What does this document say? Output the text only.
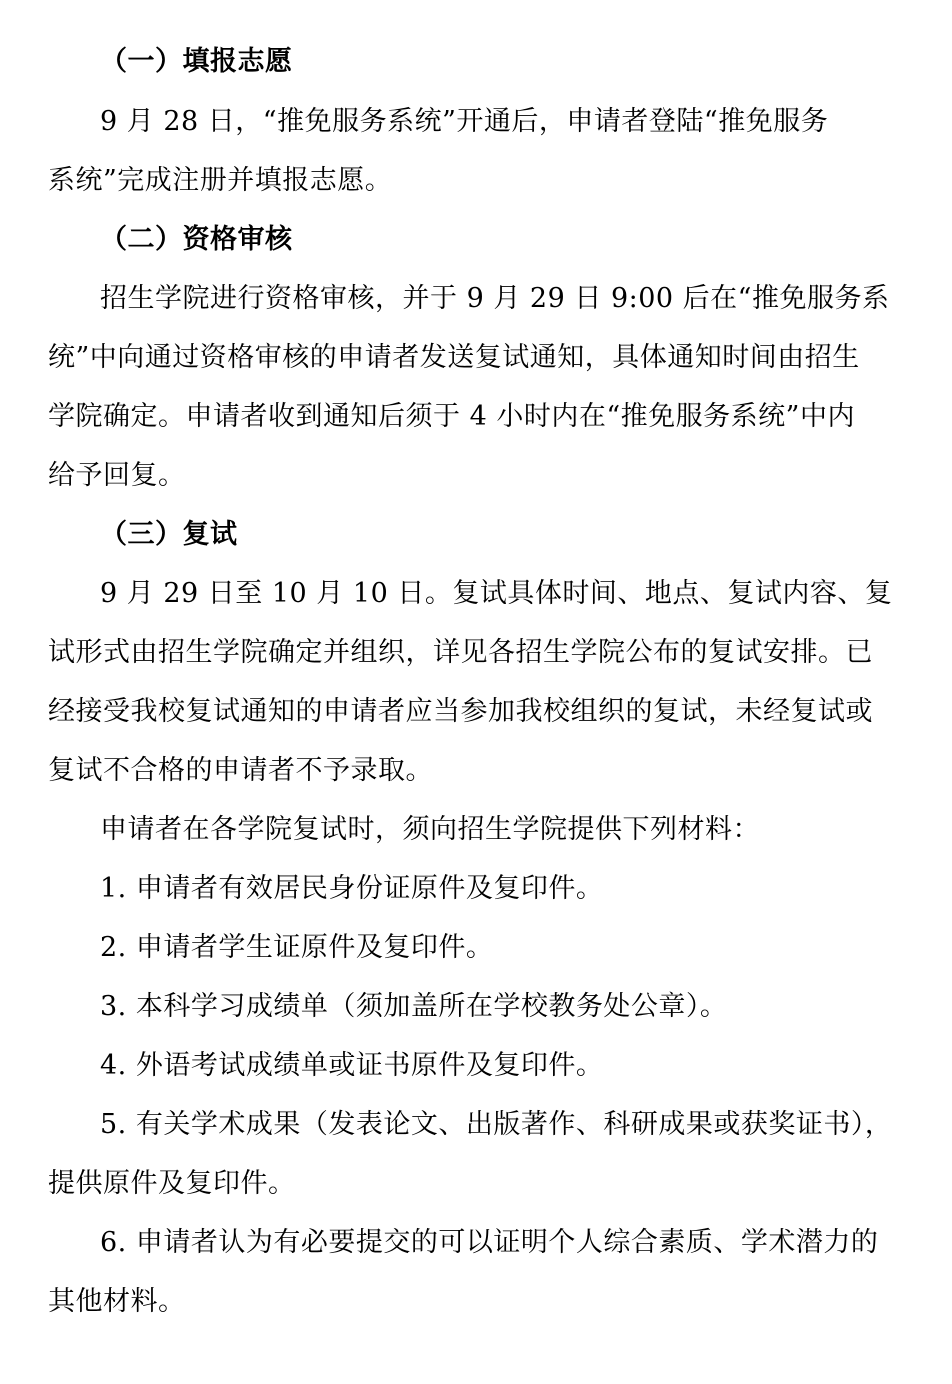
（一）填报志愿
9 月 28 日，“推免服务系统”开通后，申请者登陆“推免服务
系统”完成注册并填报志愿。
（二）资格审核
招生学院进行资格审核，并于 9 月 29 日 9:00 后在“推免服务系
统”中向通过资格审核的申请者发送复试通知，具体通知时间由招生
学院确定。申请者收到通知后须于 4 小时内在“推免服务系统”中内
给予回复。
（三）复试
9 月 29 日至 10 月 10 日。复试具体时间、地点、复试内容、复
试形式由招生学院确定并组织，详见各招生学院公布的复试安排。已
经接受我校复试通知的申请者应当参加我校组织的复试，未经复试或
复试不合格的申请者不予录取。
申请者在各学院复试时，须向招生学院提供下列材料：
1. 申请者有效居民身份证原件及复印件。
2. 申请者学生证原件及复印件。
3. 本科学习成绩单（须加盖所在学校教务处公章）。
4. 外语考试成绩单或证书原件及复印件。
5. 有关学术成果（发表论文、出版著作、科研成果或获奖证书），
提供原件及复印件。
6. 申请者认为有必要提交的可以证明个人综合素质、学术潜力的
其他材料。
